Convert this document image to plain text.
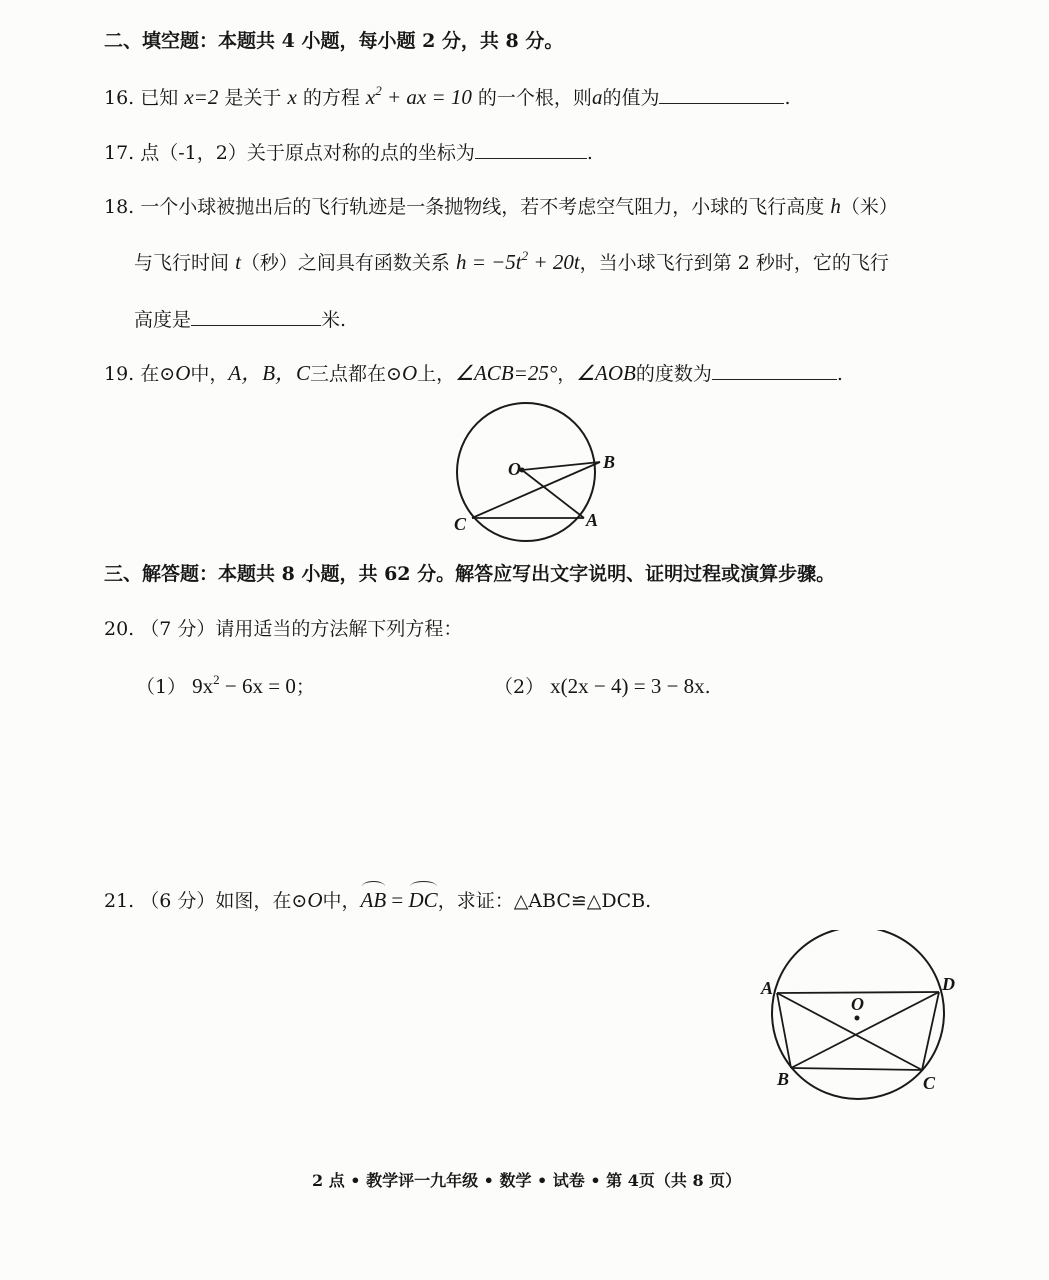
二、填空题：本题共 4 小题，每小题 2 分，共 8 分。
16. 已知 x=2 是关于 x 的方程 $x^2$ + ax = 10 的一个根，则a的值为	.
17. 点（-1，2）关于原点对称的点的坐标为	.
18. 一个小球被抛出后的飞行轨迹是一条抛物线，若不考虑空气阻力，小球的飞行高度 h（米）
与飞行时间 t（秒）之间具有函数关系 $h = -5t^2 + 20t$，当小球飞行到第 2 秒时，它的飞行
高度是	米.
19. 在⊙O中，A，B，C三点都在⊙O上，∠ACB=25°，∠AOB的度数为	.
O	B
C	A
三、解答题：本题共 8 小题，共 62 分。解答应写出文字说明、证明过程或演算步骤。
20. （7 分）请用适当的方法解下列方程：
（1） $9x^2 - 6x = 0$；	（2） x(2x − 4) = 3 − 8x.
21. （6 分）如图，在⊙O中，AB = DC，求证：△ABC≌△DCB.
O
A	D
B	C
2 点 • 教学评一九年级 • 数学 • 试卷 • 第 4页（共 8 页）
